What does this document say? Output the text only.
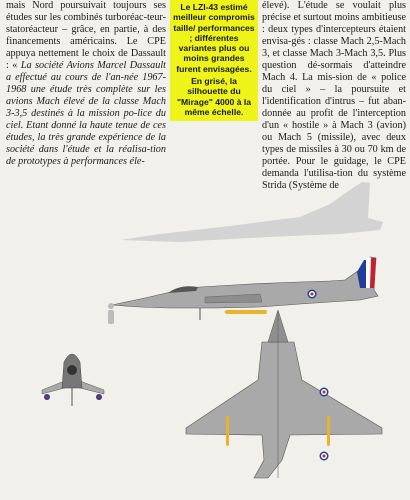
mais Nord poursuivait toujours ses études sur les combinés turboréac-teur-statoréacteur – grâce, en partie, à des financements américains. Le CPE appuya nettement le choix de Dassault : « La société Avions Marcel Dassault a effectué au cours de l'an-née 1967-1968 une étude très complète sur les avions Mach élevé de la classe Mach 3-3,5 destinés à la mission po-lice du ciel. Etant donné la haute tenue de ces études, la très grande expérience de la société dans l'étude et la réalisa-tion de prototypes à performances éle-

Le LZI-43 estimé meilleur compromis taille/ performances ; différentes variantes plus ou moins grandes furent envisagées.

En grisé, la silhouette du "Mirage" 4000 à la même échelle.

élevé). L'étude se voulait plus précise et surtout moins ambitieuse : deux types d'intercepteurs étaient envisa-gés : classe Mach 2,5-Mach 3, et classe Mach 3-Mach 3,5. Plus question dé-sormais d'atteindre Mach 4. La mis-sion de « police du ciel » – la poursuite et l'identification d'intrus – fut aban-donnée au profit de l'interception d'un « hostile » à Mach 3 (avion) ou Mach 5 (missile), avec deux types de missiles à 30 ou 70 km de portée. Pour le guidage, le CPE demanda l'utilisa-tion du système Strida (Système de
